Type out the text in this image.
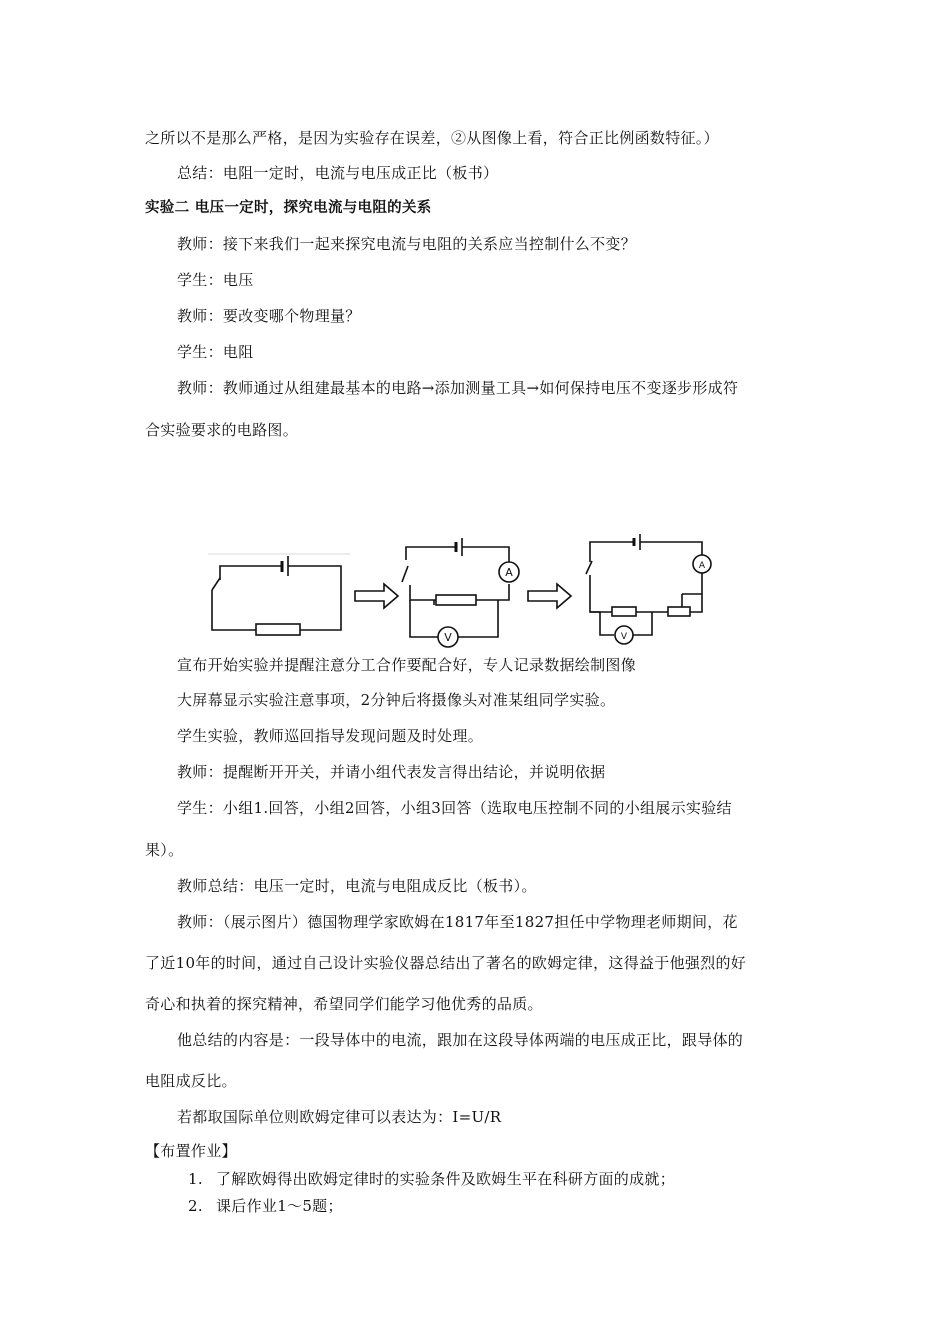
之所以不是那么严格，是因为实验存在误差，②从图像上看，符合正比例函数特征。）
总结：电阻一定时，电流与电压成正比（板书）
实验二 电压一定时，探究电流与电阻的关系
教师：接下来我们一起来探究电流与电阻的关系应当控制什么不变？
学生：电压
教师：要改变哪个物理量？
学生：电阻
教师：教师通过从组建最基本的电路→添加测量工具→如何保持电压不变逐步形成符
合实验要求的电路图。
A
V
A
V
宣布开始实验并提醒注意分工合作要配合好，专人记录数据绘制图像
大屏幕显示实验注意事项，2分钟后将摄像头对准某组同学实验。
学生实验，教师巡回指导发现问题及时处理。
教师：提醒断开开关，并请小组代表发言得出结论，并说明依据
学生：小组1.回答，小组2回答，小组3回答（选取电压控制不同的小组展示实验结
果）。
教师总结：电压一定时，电流与电阻成反比（板书）。
教师：（展示图片）德国物理学家欧姆在1817年至1827担任中学物理老师期间，花
了近10年的时间，通过自己设计实验仪器总结出了著名的欧姆定律，这得益于他强烈的好
奇心和执着的探究精神，希望同学们能学习他优秀的品质。
他总结的内容是：一段导体中的电流，跟加在这段导体两端的电压成正比，跟导体的
电阻成反比。
若都取国际单位则欧姆定律可以表达为：I=U/R
【布置作业】
1. 了解欧姆得出欧姆定律时的实验条件及欧姆生平在科研方面的成就；
2. 课后作业1～5题；
